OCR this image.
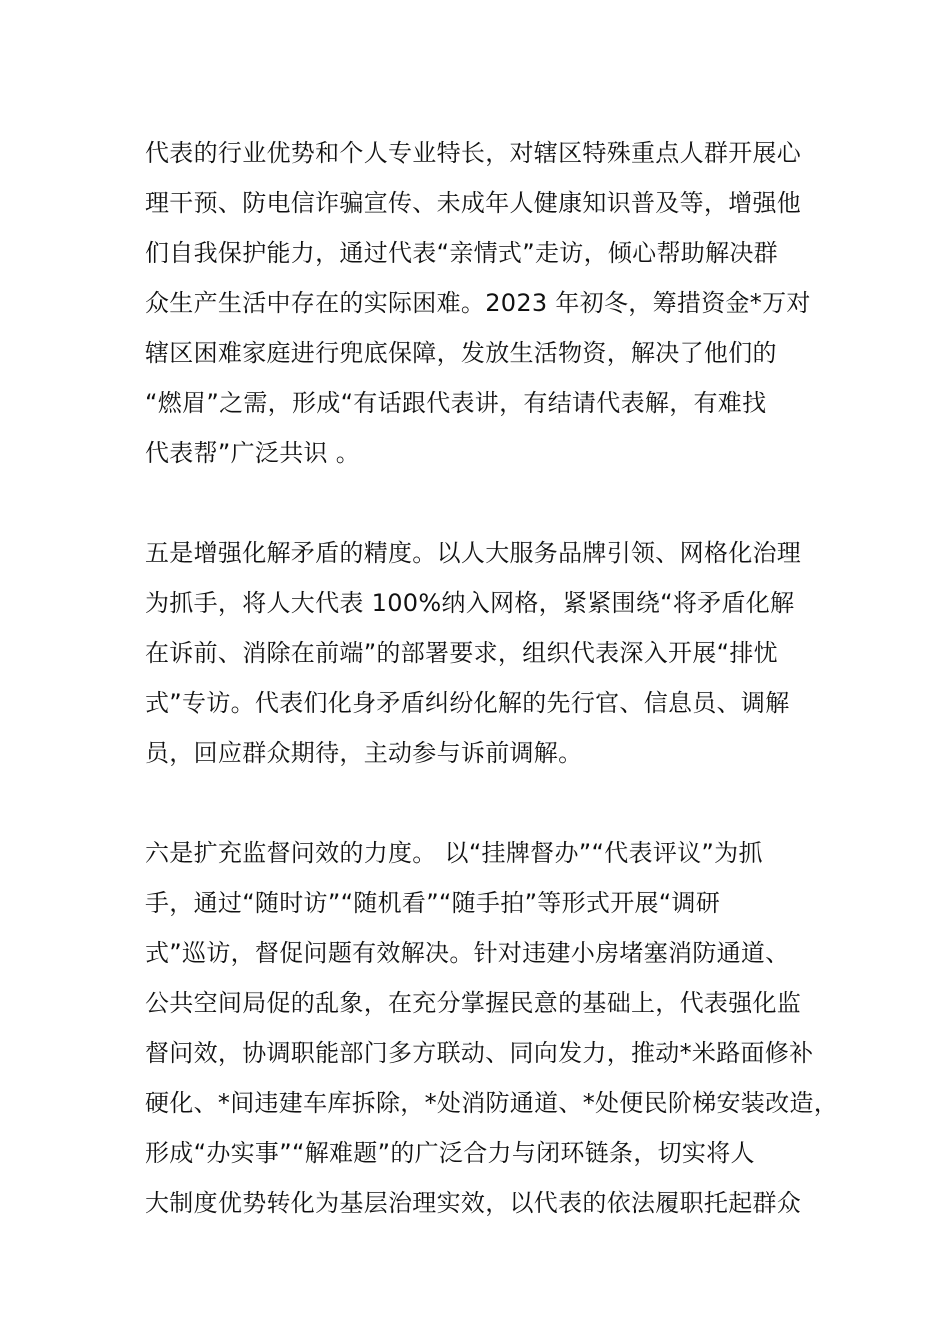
代表的行业优势和个人专业特长，对辖区特殊重点人群开展心
理干预、防电信诈骗宣传、未成年人健康知识普及等，增强他
们自我保护能力，通过代表“亲情式”走访，倾心帮助解决群
众生产生活中存在的实际困难。2023 年初冬，筹措资金*万对
辖区困难家庭进行兜底保障，发放生活物资，解决了他们的
“燃眉”之需，形成“有话跟代表讲，有结请代表解，有难找
代表帮”广泛共识 。
五是增强化解矛盾的精度。以人大服务品牌引领、网格化治理
为抓手，将人大代表 100%纳入网格，紧紧围绕“将矛盾化解
在诉前、消除在前端”的部署要求，组织代表深入开展“排忧
式”专访。代表们化身矛盾纠纷化解的先行官、信息员、调解
员，回应群众期待，主动参与诉前调解。
六是扩充监督问效的力度。 以“挂牌督办”“代表评议”为抓
手，通过“随时访”“随机看”“随手拍”等形式开展“调研
式”巡访，督促问题有效解决。针对违建小房堵塞消防通道、
公共空间局促的乱象，在充分掌握民意的基础上，代表强化监
督问效，协调职能部门多方联动、同向发力，推动*米路面修补
硬化、*间违建车库拆除，*处消防通道、*处便民阶梯安装改造，
形成“办实事”“解难题”的广泛合力与闭环链条，切实将人
大制度优势转化为基层治理实效，以代表的依法履职托起群众
